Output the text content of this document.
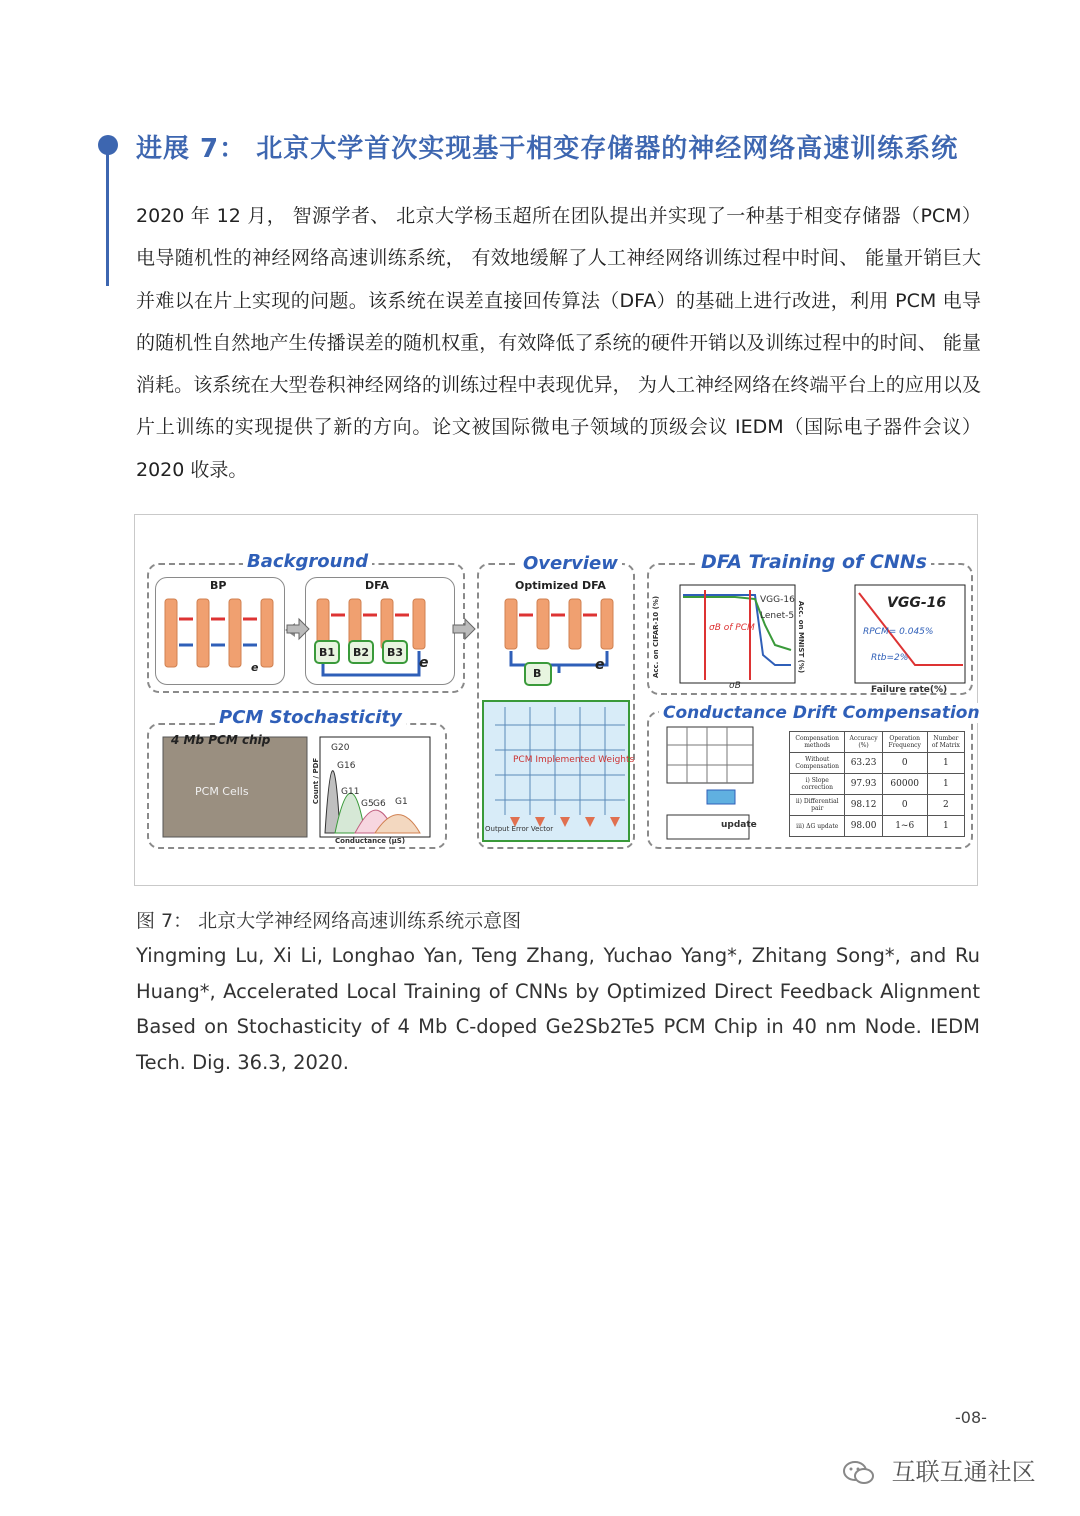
进展 7： 北京大学首次实现基于相变存储器的神经网络高速训练系统
2020 年 12 月， 智源学者、 北京大学杨玉超所在团队提出并实现了一种基于相变存储器（PCM） 电导随机性的神经网络高速训练系统， 有效地缓解了人工神经网络训练过程中时间、 能量开销巨大并难以在片上实现的问题。该系统在误差直接回传算法（DFA）的基础上进行改进，利用 PCM 电导的随机性自然地产生传播误差的随机权重，有效降低了系统的硬件开销以及训练过程中的时间、 能量消耗。该系统在大型卷积神经网络的训练过程中表现优异， 为人工神经网络在终端平台上的应用以及片上训练的实现提供了新的方向。论文被国际微电子领域的顶级会议 IEDM（国际电子器件会议）2020 收录。
Background
BP	DFA
e
B1 B2 B3
e
Overview
Optimized DFA
B
e
PCM Implemented Weights
Output Error Vector
DFA Training of CNNs
σB of PCM
Lenet-5
VGG-16
σB
VGG-16
RPCM= 0.045%
Rtb=2%
Failure rate(%)
PCM Stochasticity
4 Mb PCM chip
PCM Cells
G20
G16
G11
G5 G6 G1
Conductance (μS)
Conductance Drift Compensation
update
Compensation methods	Accuracy (%)	Operation Frequency	Number of Matrix
Without Compensation	63.23	0	1
i) Slope correction	97.93	60000	1
ii) Differential pair	98.12	0	2
iii) ΔG update	98.00	1~6	1
Acc. on CIFAR-10 (%)	Acc. on MNIST (%)
Count / PDF
图 7： 北京大学神经网络高速训练系统示意图
Yingming Lu, Xi Li, Longhao Yan, Teng Zhang, Yuchao Yang*, Zhitang Song*, and Ru Huang*, Accelerated Local Training of CNNs by Optimized Direct Feedback Alignment Based on Stochasticity of 4 Mb C-doped Ge2Sb2Te5 PCM Chip in 40 nm Node. IEDM Tech. Dig. 36.3, 2020.
-08-
互联互通社区
